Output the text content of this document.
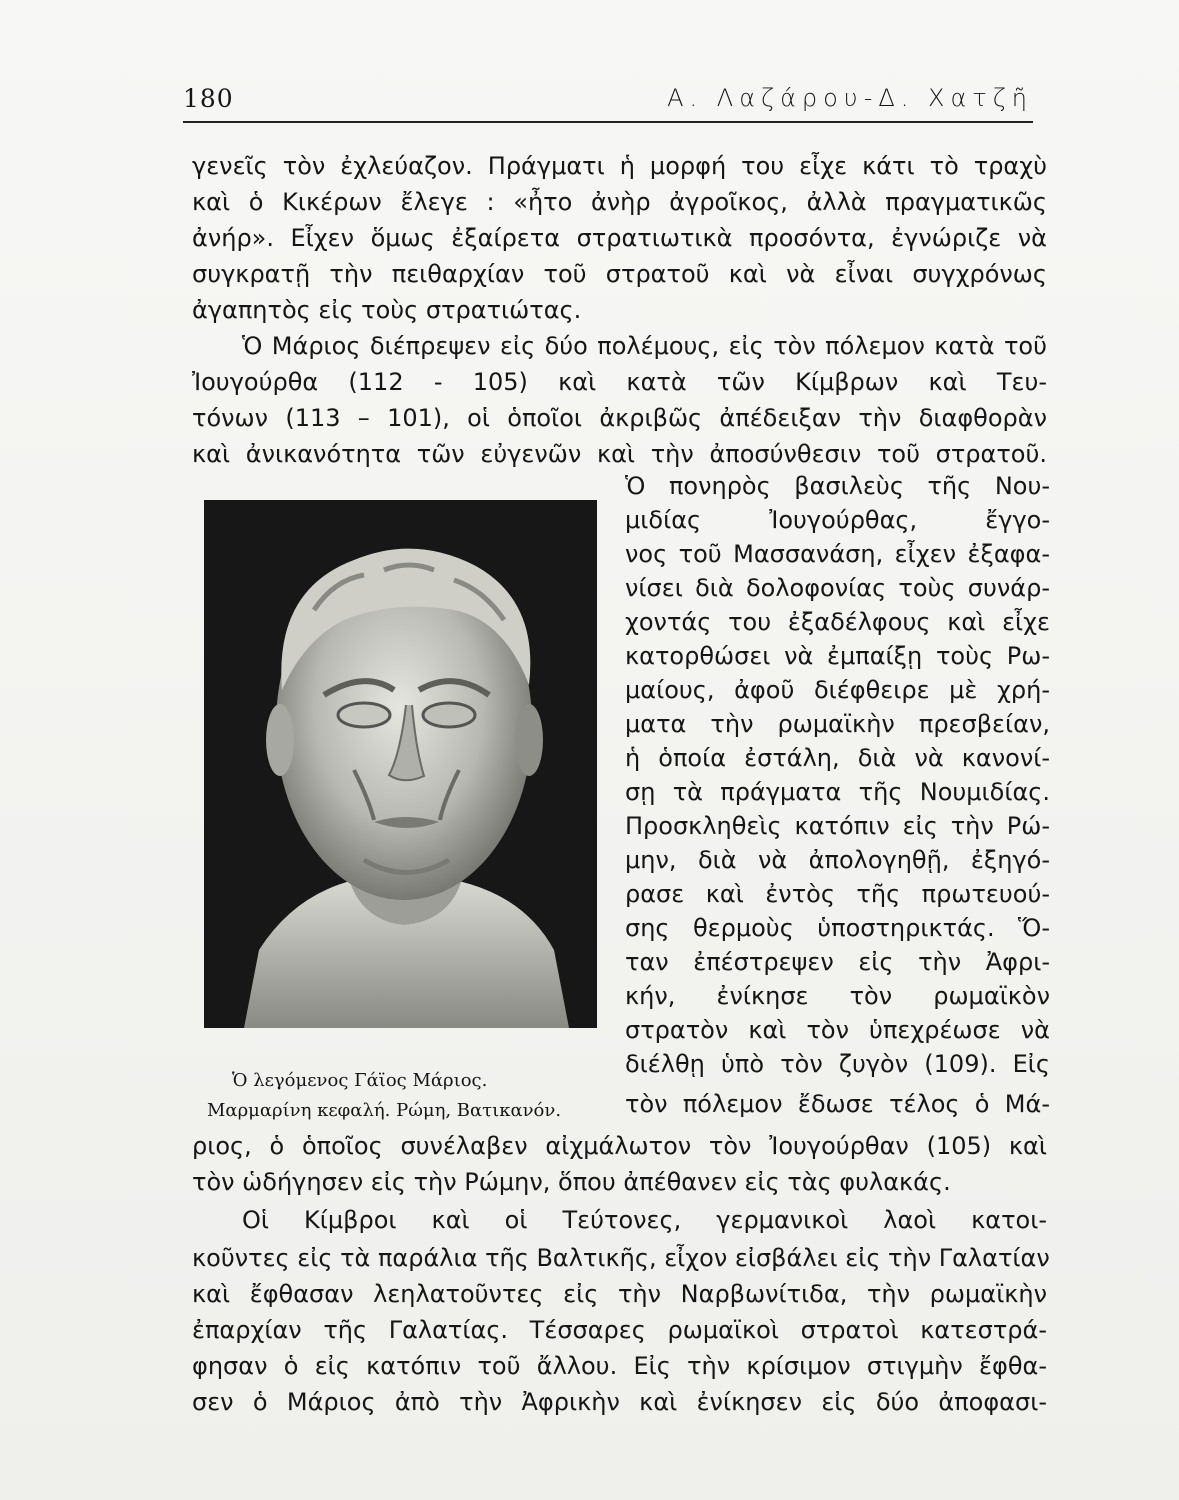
180	Α. Λαζάρου-Δ. Χατζῆ
γενεῖς τὸν ἐχλεύαζον. Πράγματι ἡ μορφή του εἶχε κάτι τὸ τραχὺ
καὶ ὁ Κικέρων ἔλεγε : «ἦτο ἀνὴρ ἀγροῖκος, ἀλλὰ πραγματικῶς
ἀνήρ». Εἶχεν ὅμως ἐξαίρετα στρατιωτικὰ προσόντα, ἐγνώριζε νὰ
συγκρατῇ τὴν πειθαρχίαν τοῦ στρατοῦ καὶ νὰ εἶναι συγχρόνως
ἀγαπητὸς εἰς τοὺς στρατιώτας.
Ὁ Μάριος διέπρεψεν εἰς δύο πολέμους, εἰς τὸν πόλεμον κατὰ τοῦ
Ἰουγούρθα (112 - 105) καὶ κατὰ τῶν Κίμβρων καὶ Τευ-
τόνων (113 – 101), οἱ ὁποῖοι ἀκριβῶς ἀπέδειξαν τὴν διαφθορὰν
καὶ ἀνικανότητα τῶν εὐγενῶν καὶ τὴν ἀποσύνθεσιν τοῦ στρατοῦ.
Ὁ πονηρὸς βασιλεὺς τῆς Νου-
μιδίας Ἰουγούρθας, ἔγγο-
νος τοῦ Μασσανάση, εἶχεν ἐξαφα-
νίσει διὰ δολοφονίας τοὺς συνάρ-
χοντάς του ἐξαδέλφους καὶ εἶχε
κατορθώσει νὰ ἐμπαίξῃ τοὺς Ρω-
μαίους, ἀφοῦ διέφθειρε μὲ χρή-
ματα τὴν ρωμαϊκὴν πρεσβείαν,
ἡ ὁποία ἐστάλη, διὰ νὰ κανονί-
σῃ τὰ πράγματα τῆς Νουμιδίας.
Προσκληθεὶς κατόπιν εἰς τὴν Ρώ-
μην, διὰ νὰ ἀπολογηθῇ, ἐξηγό-
ρασε καὶ ἐντὸς τῆς πρωτευού-
σης θερμοὺς ὑποστηρικτάς. Ὅ-
ταν ἐπέστρεψεν εἰς τὴν Ἀφρι-
κήν, ἐνίκησε τὸν ρωμαϊκὸν
στρατὸν καὶ τὸν ὑπεχρέωσε νὰ
διέλθῃ ὑπὸ τὸν ζυγὸν (109). Εἰς
τὸν πόλεμον ἔδωσε τέλος ὁ Μά-
Ὁ λεγόμενος Γάϊος Μάριος.
Μαρμαρίνη κεφαλή. Ρώμη, Βατικανόν.
ριος, ὁ ὁποῖος συνέλαβεν αἰχμάλωτον τὸν Ἰουγούρθαν (105) καὶ
τὸν ὡδήγησεν εἰς τὴν Ρώμην, ὅπου ἀπέθανεν εἰς τὰς φυλακάς.
Οἱ Κίμβροι καὶ οἱ Τεύτονες, γερμανικοὶ λαοὶ κατοι-
κοῦντες εἰς τὰ παράλια τῆς Βαλτικῆς, εἶχον εἰσβάλει εἰς τὴν Γαλατίαν
καὶ ἔφθασαν λεηλατοῦντες εἰς τὴν Ναρβωνίτιδα, τὴν ρωμαϊκὴν
ἐπαρχίαν τῆς Γαλατίας. Τέσσαρες ρωμαϊκοὶ στρατοὶ κατεστρά-
φησαν ὁ εἰς κατόπιν τοῦ ἄλλου. Εἰς τὴν κρίσιμον στιγμὴν ἔφθα-
σεν ὁ Μάριος ἀπὸ τὴν Ἀφρικὴν καὶ ἐνίκησεν εἰς δύο ἀποφασι-
